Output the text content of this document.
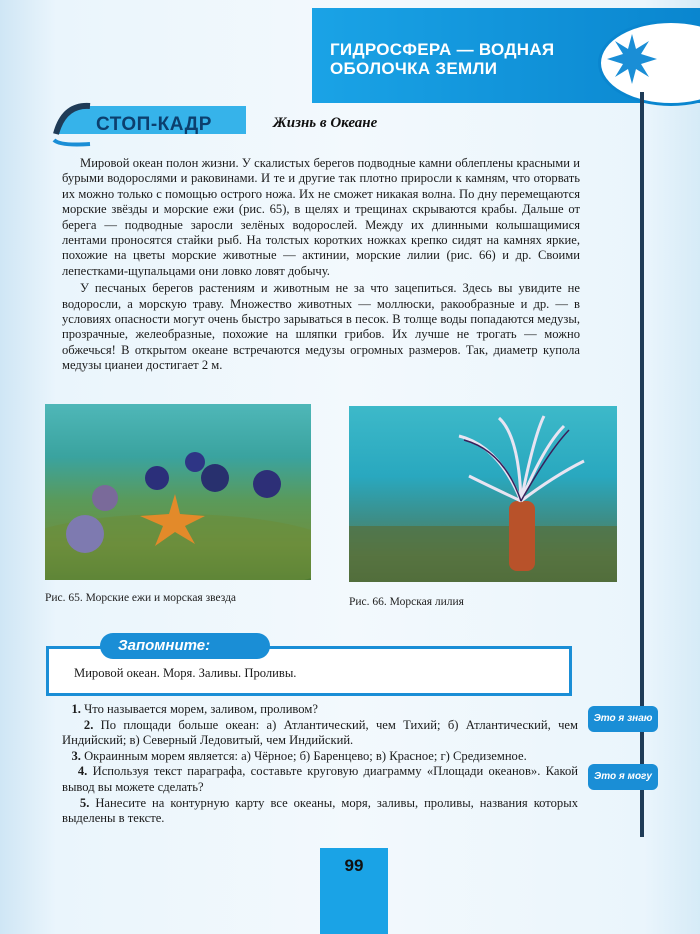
ГИДРОСФЕРА — ВОДНАЯ
ОБОЛОЧКА ЗЕМЛИ
СТОП-КАДР	Жизнь в Океане

Мировой океан полон жизни. У скалистых берегов подводные камни облеплены красными и бурыми водорослями и раковинами. И те и другие так плотно приросли к камням, что оторвать их можно только с помощью острого ножа. Их не сможет никакая волна. По дну перемещаются морские звёзды и морские ежи (рис. 65), в щелях и трещинах скрываются крабы. Дальше от берега — подводные заросли зелёных водорослей. Между их длинными колышащимися лентами проносятся стайки рыб. На толстых коротких ножках крепко сидят на камнях яркие, похожие на цветы морские животные — актинии, морские лилии (рис. 66) и др. Своими лепестками-щупальцами они ловко ловят добычу.

У песчаных берегов растениям и животным не за что зацепиться. Здесь вы увидите не водоросли, а морскую траву. Множество животных — моллюски, ракообразные и др. — в условиях опасности могут очень быстро зарываться в песок. В толще воды попадаются медузы, прозрачные, желеобразные, похожие на шляпки грибов. Их лучше не трогать — можно обжечься! В открытом океане встречаются медузы огромных размеров. Так, диаметр купола медузы цианеи достигает 2 м.

Рис. 65. Морские ежи и морская звезда	Рис. 66. Морская лилия
Запомните:
Мировой океан. Моря. Заливы. Проливы.

1. Что называется морем, заливом, проливом?

2. По площади больше океан: а) Атлантический, чем Тихий; б) Атлантический, чем Индийский; в) Северный Ледовитый, чем Индийский.

3. Окраинным морем является: а) Чёрное; б) Баренцево; в) Красное; г) Средиземное.

4. Используя текст параграфа, составьте круговую диаграмму «Площади океанов». Какой вывод вы можете сделать?

5. Нанесите на контурную карту все океаны, моря, заливы, проливы, названия которых выделены в тексте.

Это я знаю
Это я могу
99
